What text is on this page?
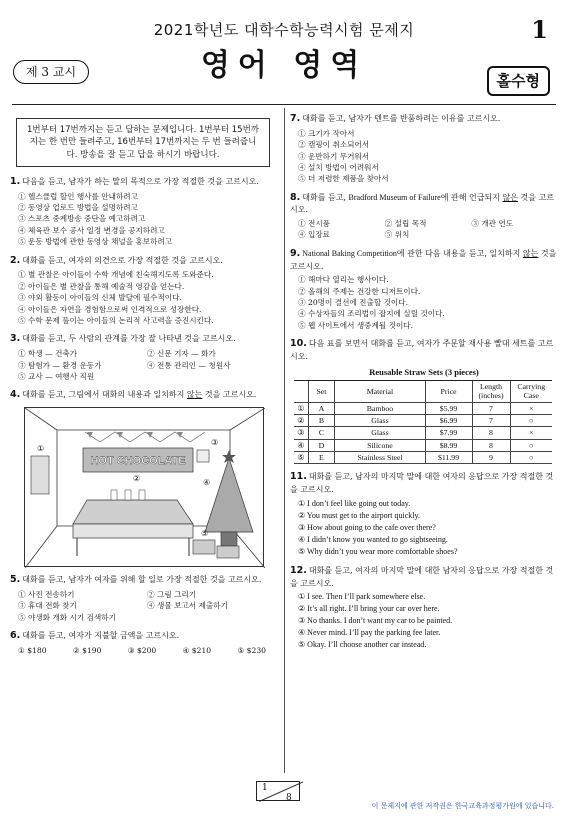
2021학년도 대학수학능력시험 문제지	1
제 3 교시	영어 영역	홀수형
1번부터 17번까지는 듣고 답하는 문제입니다. 1번부터 15번까지는 한 번만 들려주고, 16번부터 17번까지는 두 번 들려줍니다. 방송을 잘 듣고 답을 하시기 바랍니다.
1. 다음을 듣고, 남자가 하는 말의 목적으로 가장 적절한 것을 고르시오.
① 헬스클럽 할인 행사를 안내하려고
② 동영상 업로드 방법을 설명하려고
③ 스포츠 중계방송 중단을 예고하려고
④ 체육관 보수 공사 일정 변경을 공지하려고
⑤ 운동 방법에 관한 동영상 채널을 홍보하려고
2. 대화를 듣고, 여자의 의견으로 가장 적절한 것을 고르시오.
① 별 관찰은 아이들이 수학 개념에 친숙해지도록 도와준다.
② 아이들은 별 관찰을 통해 예술적 영감을 얻는다.
③ 야외 활동이 아이들의 신체 발달에 필수적이다.
④ 아이들은 자연을 경험함으로써 인격적으로 성장한다.
⑤ 수학 문제 풀이는 아이들의 논리적 사고력을 증진시킨다.
3. 대화를 듣고, 두 사람의 관계를 가장 잘 나타낸 것을 고르시오.
① 학생 — 건축가	② 신문 기자 — 화가
③ 탐험가 — 환경 운동가	④ 전통 관리인 — 청원사
⑤ 교사 — 여행사 직원
4. 대화를 듣고, 그림에서 대화의 내용과 일치하지 않는 것을 고르시오.
①
HOT CHOCOLATE
②
③
④
⑤
5. 대화를 듣고, 남자가 여자를 위해 할 일로 가장 적절한 것을 고르시오.
① 사진 전송하기	② 그림 그리기
③ 휴대 전화 찾기	④ 생물 보고서 제출하기
⑤ 야생화 개화 시기 검색하기
6. 대화를 듣고, 여자가 지불할 금액을 고르시오.
① $180	② $190	③ $200	④ $210	⑤ $230
7. 대화를 듣고, 남자가 텐트를 반품하려는 이유를 고르시오.
① 크기가 작아서
② 캠핑이 취소되어서
③ 운반하기 무거워서
④ 설치 방법이 어려워서
⑤ 더 저렴한 제품을 찾아서
8. 대화를 듣고, Bradford Museum of Failure에 관해 언급되지 않은 것을 고르시오.
① 전시품	② 설립 목적	③ 개관 연도
④ 입장료	⑤ 위치
9. National Baking Competition에 관한 다음 내용을 듣고, 일치하지 않는 것을 고르시오.
① 해마다 열리는 행사이다.
② 올해의 주제는 건강한 디저트이다.
③ 20명이 결선에 진출할 것이다.
④ 수상자들의 조리법이 잡지에 실릴 것이다.
⑤ 웹 사이트에서 생중계될 것이다.
10. 다음 표를 보면서 대화를 듣고, 여자가 주문할 재사용 빨대 세트를 고르시오.
Reusable Straw Sets (3 pieces)
	Set	Material	Price	Length (inches)	Carrying Case
①	A	Bamboo	$5.99	7	×
②	B	Glass	$6.99	7	○
③	C	Glass	$7.99	8	×
④	D	Silicone	$8.99	8	○
⑤	E	Stainless Steel	$11.99	9	○
11. 대화를 듣고, 남자의 마지막 말에 대한 여자의 응답으로 가장 적절한 것을 고르시오.
① I don’t feel like going out today.
② You must get to the airport quickly.
③ How about going to the cafe over there?
④ I didn’t know you wanted to go sightseeing.
⑤ Why didn’t you wear more comfortable shoes?
12. 대화를 듣고, 여자의 마지막 말에 대한 남자의 응답으로 가장 적절한 것을 고르시오.
① I see. Then I’ll park somewhere else.
② It’s all right. I’ll bring your car over here.
③ No thanks. I don’t want my car to be painted.
④ Never mind. I’ll pay the parking fee later.
⑤ Okay. I’ll choose another car instead.
1
8
이 문제지에 관한 저작권은 한국교육과정평가원에 있습니다.
